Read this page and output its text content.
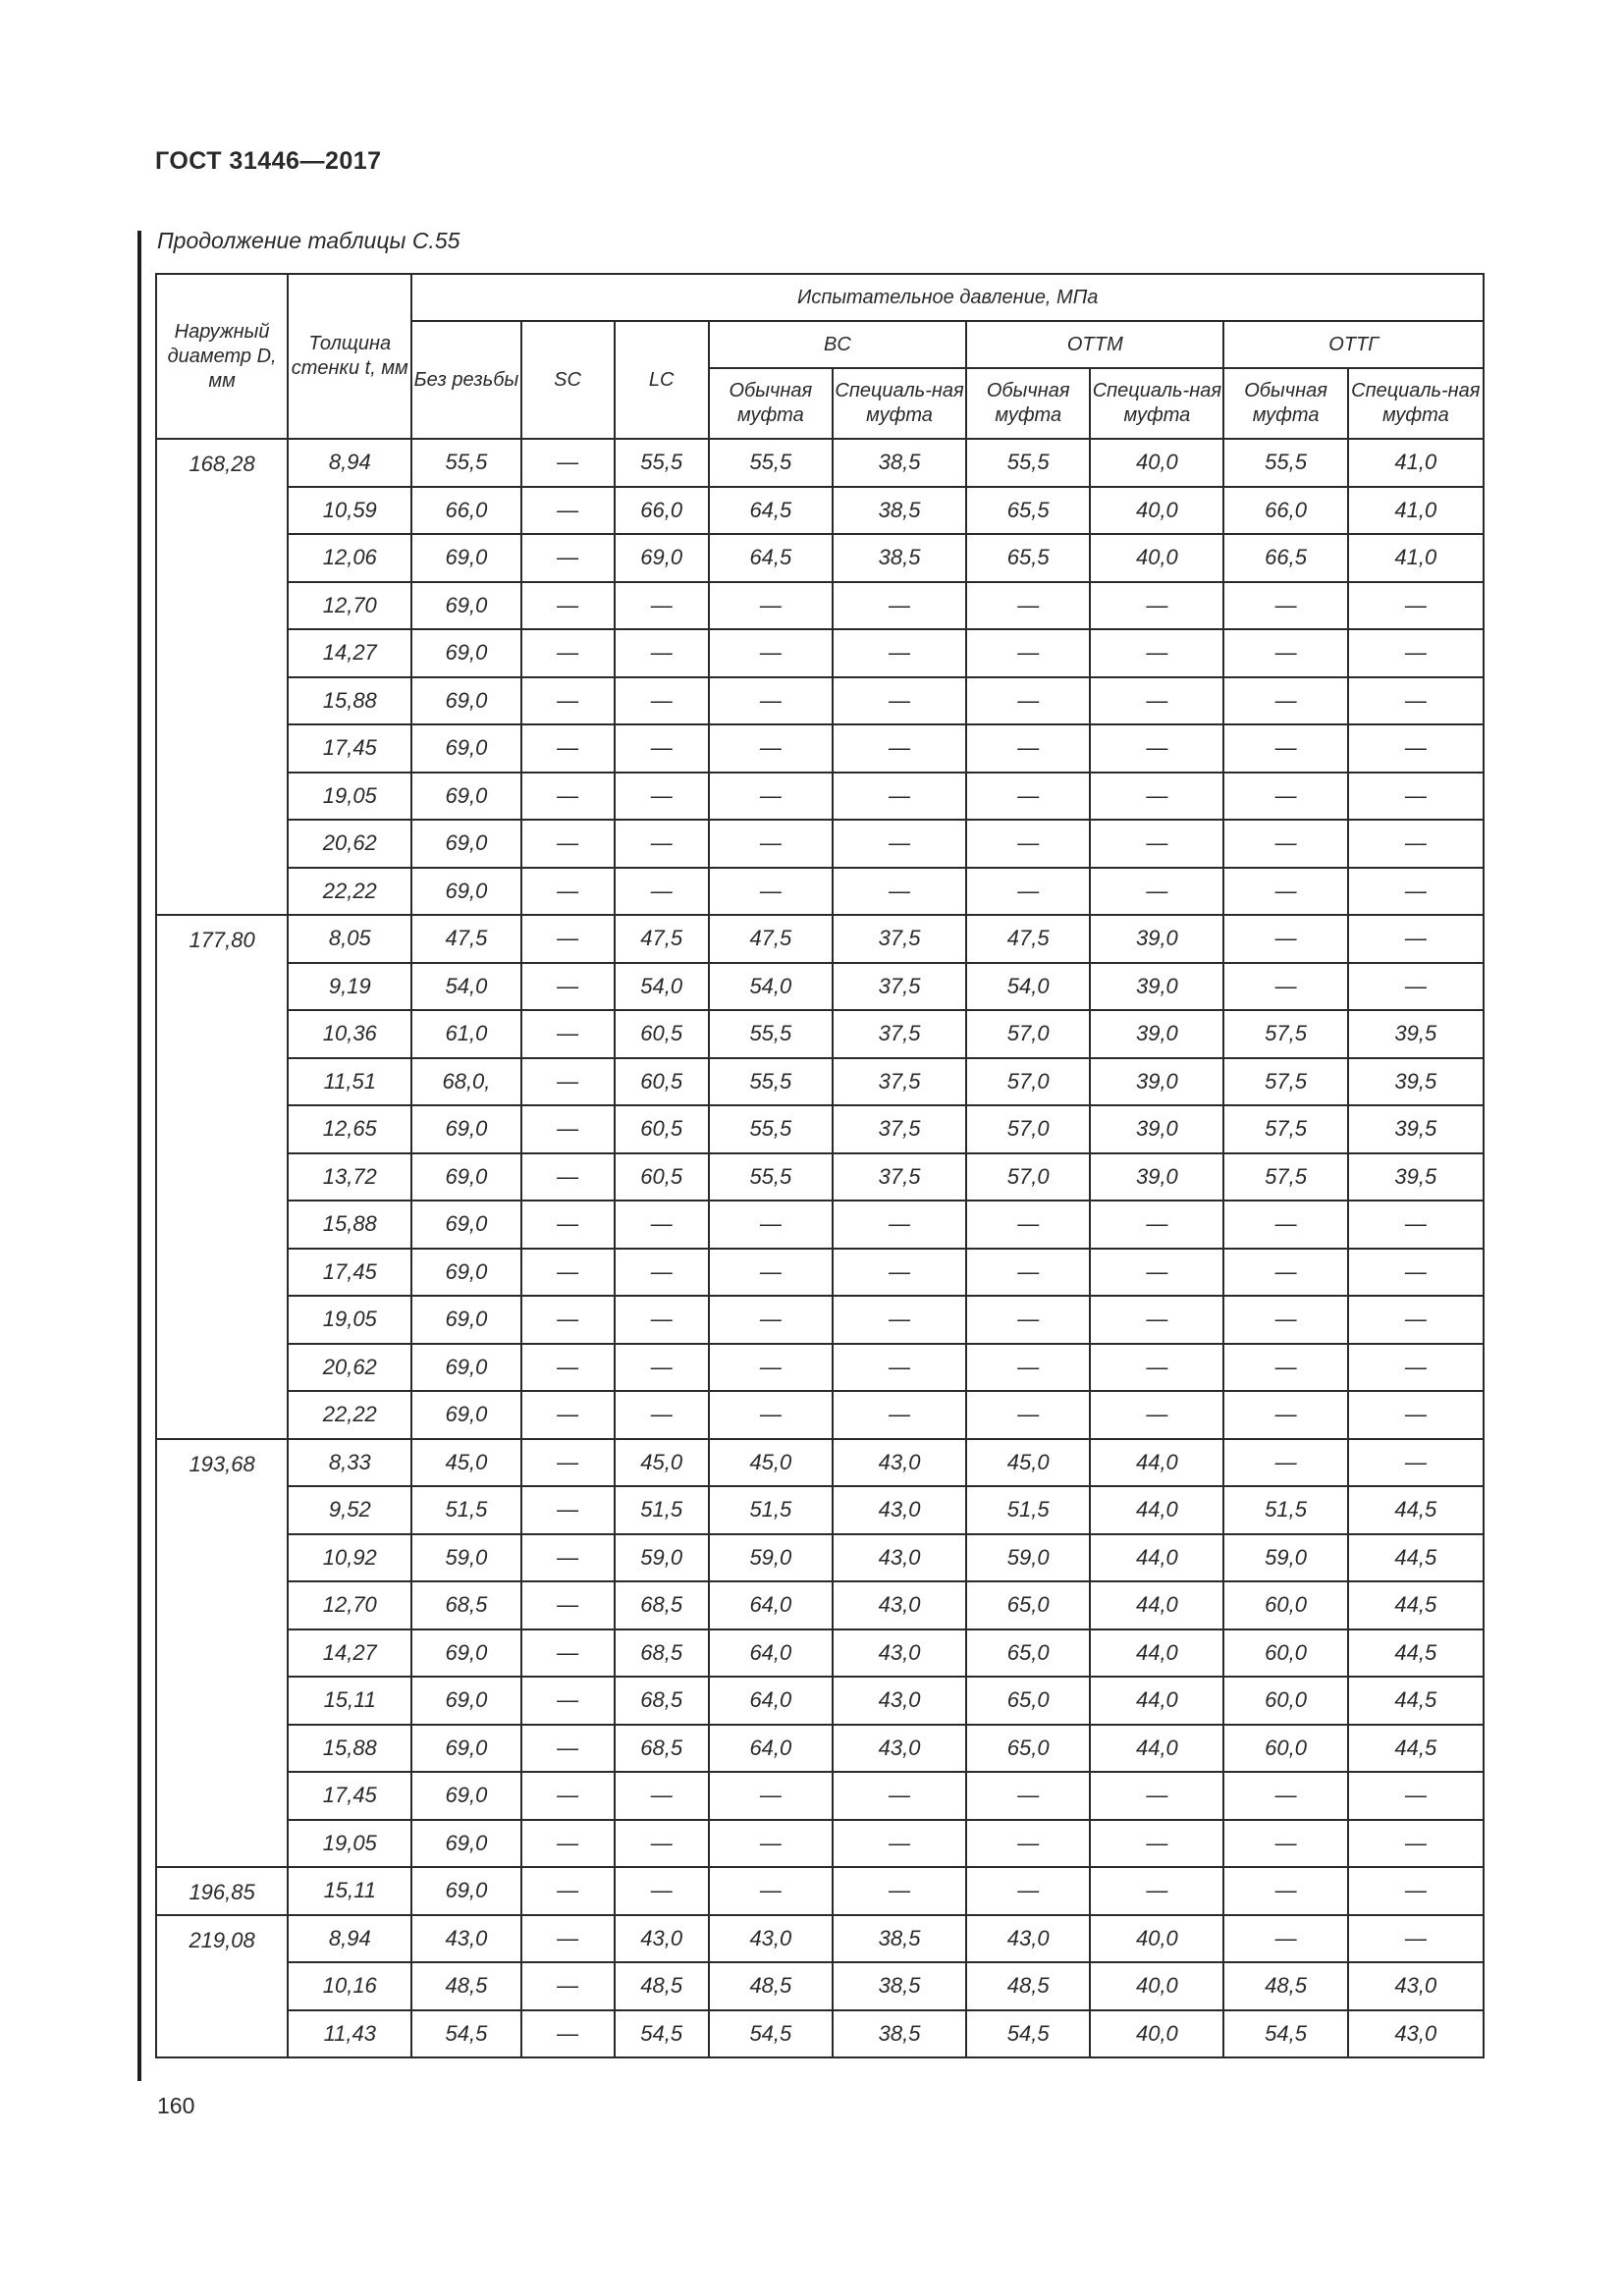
ГОСТ 31446—2017
Продолжение таблицы С.55
Наружный диаметр D, мм	Толщина стенки t, мм	Испытательное давление, МПа								
		Без резьбы	SC	LC	BC		ОТТМ		ОТТГ	
					Обычная муфта	Специаль-ная муфта	Обычная муфта	Специаль-ная муфта	Обычная муфта	Специаль-ная муфта
168,28	8,94	55,5	—	55,5	55,5	38,5	55,5	40,0	55,5	41,0
	10,59	66,0	—	66,0	64,5	38,5	65,5	40,0	66,0	41,0
	12,06	69,0	—	69,0	64,5	38,5	65,5	40,0	66,5	41,0
	12,70	69,0	—	—	—	—	—	—	—	—
	14,27	69,0	—	—	—	—	—	—	—	—
	15,88	69,0	—	—	—	—	—	—	—	—
	17,45	69,0	—	—	—	—	—	—	—	—
	19,05	69,0	—	—	—	—	—	—	—	—
	20,62	69,0	—	—	—	—	—	—	—	—
	22,22	69,0	—	—	—	—	—	—	—	—
177,80	8,05	47,5	—	47,5	47,5	37,5	47,5	39,0	—	—
	9,19	54,0	—	54,0	54,0	37,5	54,0	39,0	—	—
	10,36	61,0	—	60,5	55,5	37,5	57,0	39,0	57,5	39,5
	11,51	68,0,	—	60,5	55,5	37,5	57,0	39,0	57,5	39,5
	12,65	69,0	—	60,5	55,5	37,5	57,0	39,0	57,5	39,5
	13,72	69,0	—	60,5	55,5	37,5	57,0	39,0	57,5	39,5
	15,88	69,0	—	—	—	—	—	—	—	—
	17,45	69,0	—	—	—	—	—	—	—	—
	19,05	69,0	—	—	—	—	—	—	—	—
	20,62	69,0	—	—	—	—	—	—	—	—
	22,22	69,0	—	—	—	—	—	—	—	—
193,68	8,33	45,0	—	45,0	45,0	43,0	45,0	44,0	—	—
	9,52	51,5	—	51,5	51,5	43,0	51,5	44,0	51,5	44,5
	10,92	59,0	—	59,0	59,0	43,0	59,0	44,0	59,0	44,5
	12,70	68,5	—	68,5	64,0	43,0	65,0	44,0	60,0	44,5
	14,27	69,0	—	68,5	64,0	43,0	65,0	44,0	60,0	44,5
	15,11	69,0	—	68,5	64,0	43,0	65,0	44,0	60,0	44,5
	15,88	69,0	—	68,5	64,0	43,0	65,0	44,0	60,0	44,5
	17,45	69,0	—	—	—	—	—	—	—	—
	19,05	69,0	—	—	—	—	—	—	—	—
196,85	15,11	69,0	—	—	—	—	—	—	—	—
219,08	8,94	43,0	—	43,0	43,0	38,5	43,0	40,0	—	—
	10,16	48,5	—	48,5	48,5	38,5	48,5	40,0	48,5	43,0
	11,43	54,5	—	54,5	54,5	38,5	54,5	40,0	54,5	43,0
160
